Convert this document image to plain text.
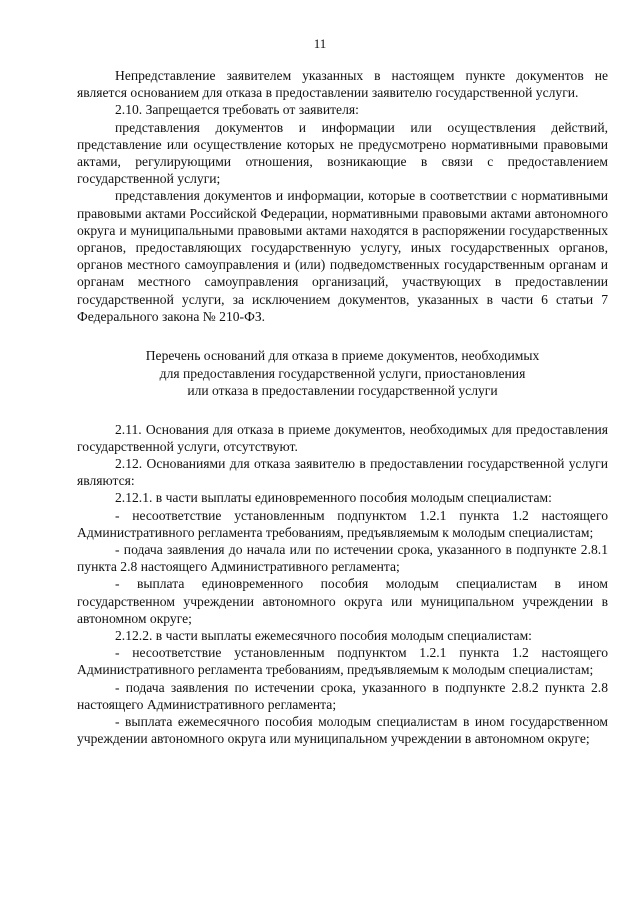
11

Непредставление заявителем указанных в настоящем пункте документов не является основанием для отказа в предоставлении заявителю государственной услуги.

2.10. Запрещается требовать от заявителя:

представления документов и информации или осуществления действий, представление или осуществление которых не предусмотрено нормативными правовыми актами, регулирующими отношения, возникающие в связи с предоставлением государственной услуги;

представления документов и информации, которые в соответствии с нормативными правовыми актами Российской Федерации, нормативными правовыми актами автономного округа и муниципальными правовыми актами находятся в распоряжении государственных органов, предоставляющих государственную услугу, иных государственных органов, органов местного самоуправления и (или) подведомственных государственным органам и органам местного самоуправления организаций, участвующих в предоставлении государственной услуги, за исключением документов, указанных в части 6 статьи 7 Федерального закона № 210-ФЗ.

Перечень оснований для отказа в приеме документов, необходимых
для предоставления государственной услуги, приостановления
или отказа в предоставлении государственной услуги

2.11. Основания для отказа в приеме документов, необходимых для предоставления государственной услуги, отсутствуют.

2.12. Основаниями для отказа заявителю в предоставлении государственной услуги являются:

2.12.1. в части выплаты единовременного пособия молодым специалистам:

- несоответствие установленным подпунктом 1.2.1 пункта 1.2 настоящего Административного регламента требованиям, предъявляемым к молодым специалистам;

- подача заявления до начала или по истечении срока, указанного в подпункте 2.8.1 пункта 2.8 настоящего Административного регламента;

- выплата единовременного пособия молодым специалистам в ином государственном учреждении автономного округа или муниципальном учреждении в автономном округе;

2.12.2. в части выплаты ежемесячного пособия молодым специалистам:

- несоответствие установленным подпунктом 1.2.1 пункта 1.2 настоящего Административного регламента требованиям, предъявляемым к молодым специалистам;

- подача заявления по истечении срока, указанного в подпункте 2.8.2 пункта 2.8 настоящего Административного регламента;

- выплата ежемесячного пособия молодым специалистам в ином государственном учреждении автономного округа или муниципальном учреждении в автономном округе;
